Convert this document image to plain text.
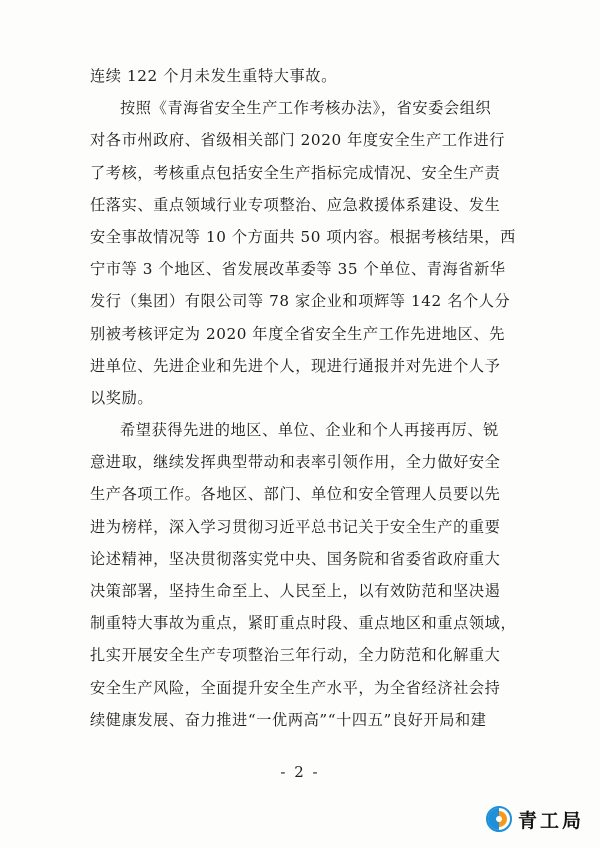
连续 122 个月未发生重特大事故。
按照《青海省安全生产工作考核办法》，省安委会组织
对各市州政府、省级相关部门 2020 年度安全生产工作进行
了考核，考核重点包括安全生产指标完成情况、安全生产责
任落实、重点领域行业专项整治、应急救援体系建设、发生
安全事故情况等 10 个方面共 50 项内容。根据考核结果，西
宁市等 3 个地区、省发展改革委等 35 个单位、青海省新华
发行（集团）有限公司等 78 家企业和项辉等 142 名个人分
别被考核评定为 2020 年度全省安全生产工作先进地区、先
进单位、先进企业和先进个人，现进行通报并对先进个人予
以奖励。
希望获得先进的地区、单位、企业和个人再接再厉、锐
意进取，继续发挥典型带动和表率引领作用，全力做好安全
生产各项工作。各地区、部门、单位和安全管理人员要以先
进为榜样，深入学习贯彻习近平总书记关于安全生产的重要
论述精神，坚决贯彻落实党中央、国务院和省委省政府重大
决策部署，坚持生命至上、人民至上，以有效防范和坚决遏
制重特大事故为重点，紧盯重点时段、重点地区和重点领域，
扎实开展安全生产专项整治三年行动，全力防范和化解重大
安全生产风险，全面提升安全生产水平，为全省经济社会持
续健康发展、奋力推进“一优两高”“十四五”良好开局和建
- 2 -
青工局
